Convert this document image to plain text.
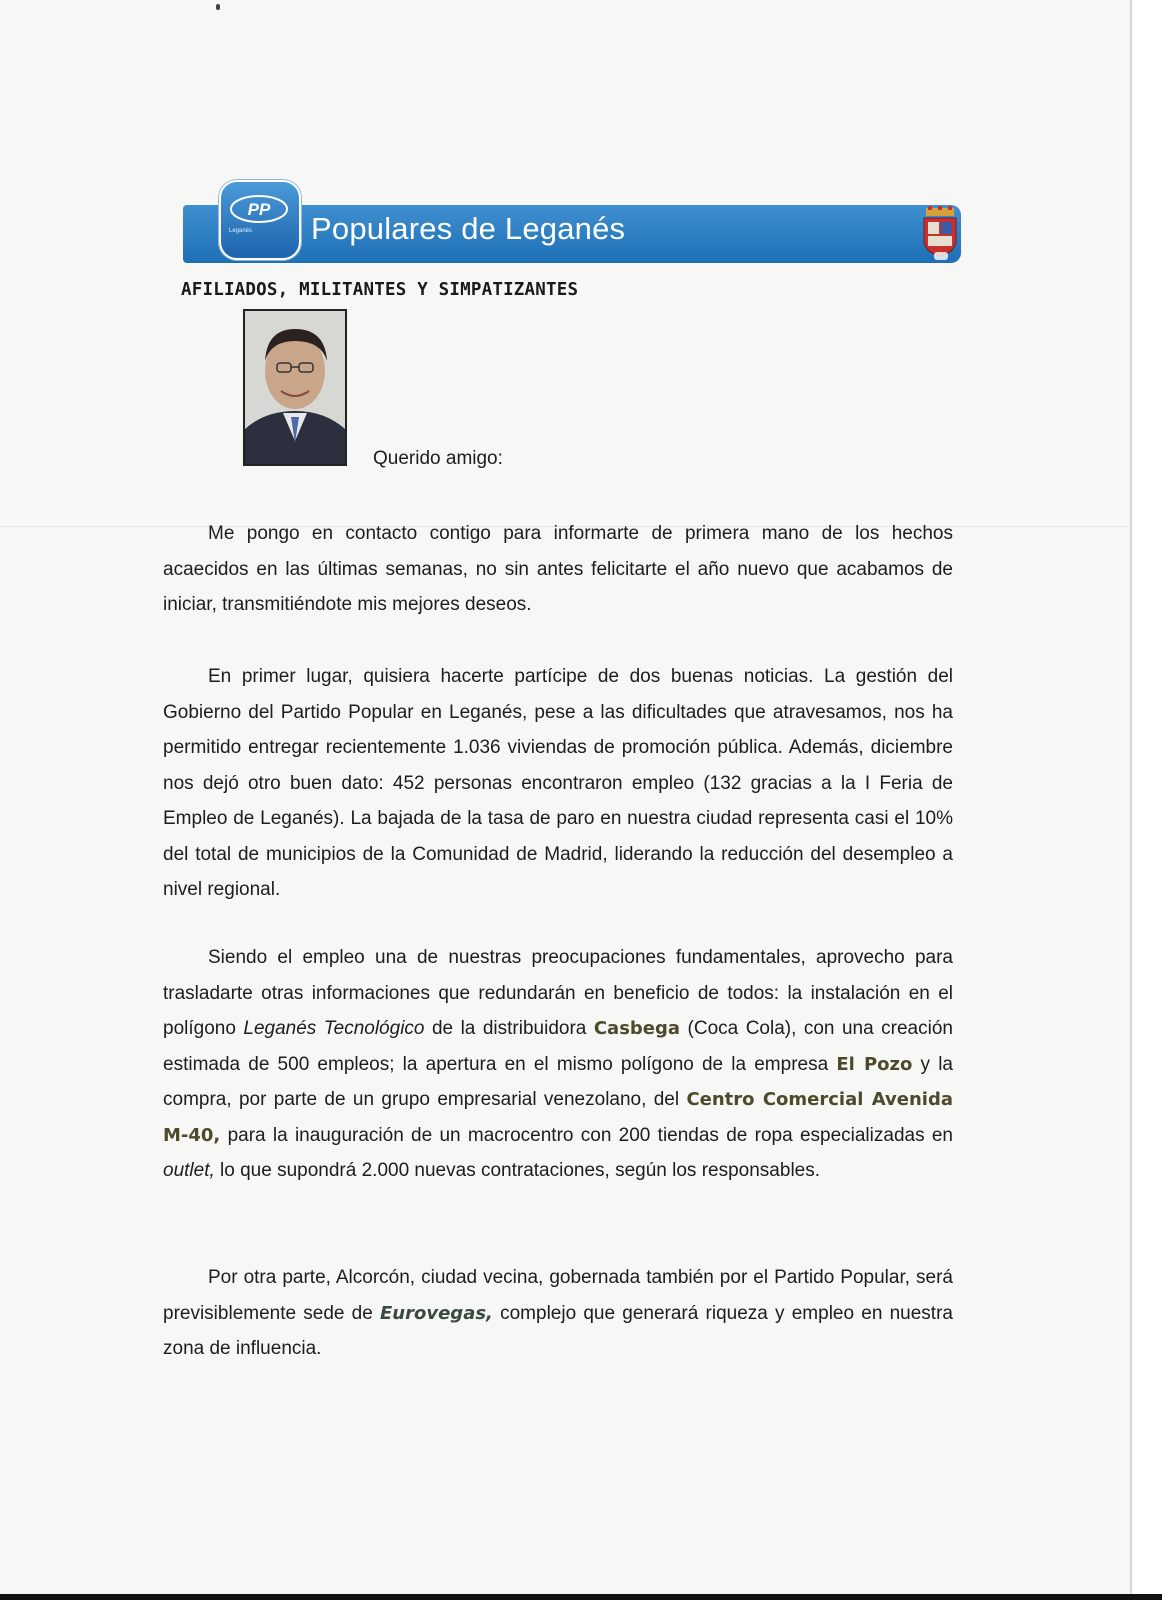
Populares de Leganés
PP
Leganés
AFILIADOS, MILITANTES Y SIMPATIZANTES
Querido amigo:

Me pongo en contacto contigo para informarte de primera mano de los hechos acaecidos en las últimas semanas, no sin antes felicitarte el año nuevo que acabamos de iniciar, transmitiéndote mis mejores deseos.

En primer lugar, quisiera hacerte partícipe de dos buenas noticias. La gestión del Gobierno del Partido Popular en Leganés, pese a las dificultades que atravesamos, nos ha permitido entregar recientemente 1.036 viviendas de promoción pública. Además, diciembre nos dejó otro buen dato: 452 personas encontraron empleo (132 gracias a la I Feria de Empleo de Leganés). La bajada de la tasa de paro en nuestra ciudad representa casi el 10% del total de municipios de la Comunidad de Madrid, liderando la reducción del desempleo a nivel regional.

Siendo el empleo una de nuestras preocupaciones fundamentales, aprovecho para trasladarte otras informaciones que redundarán en beneficio de todos: la instalación en el polígono Leganés Tecnológico de la distribuidora Casbega (Coca Cola), con una creación estimada de 500 empleos; la apertura en el mismo polígono de la empresa El Pozo y la compra, por parte de un grupo empresarial venezolano, del Centro Comercial Avenida M-40, para la inauguración de un macrocentro con 200 tiendas de ropa especializadas en outlet, lo que supondrá 2.000 nuevas contrataciones, según los responsables.

Por otra parte, Alcorcón, ciudad vecina, gobernada también por el Partido Popular, será previsiblemente sede de Eurovegas, complejo que generará riqueza y empleo en nuestra zona de influencia.
